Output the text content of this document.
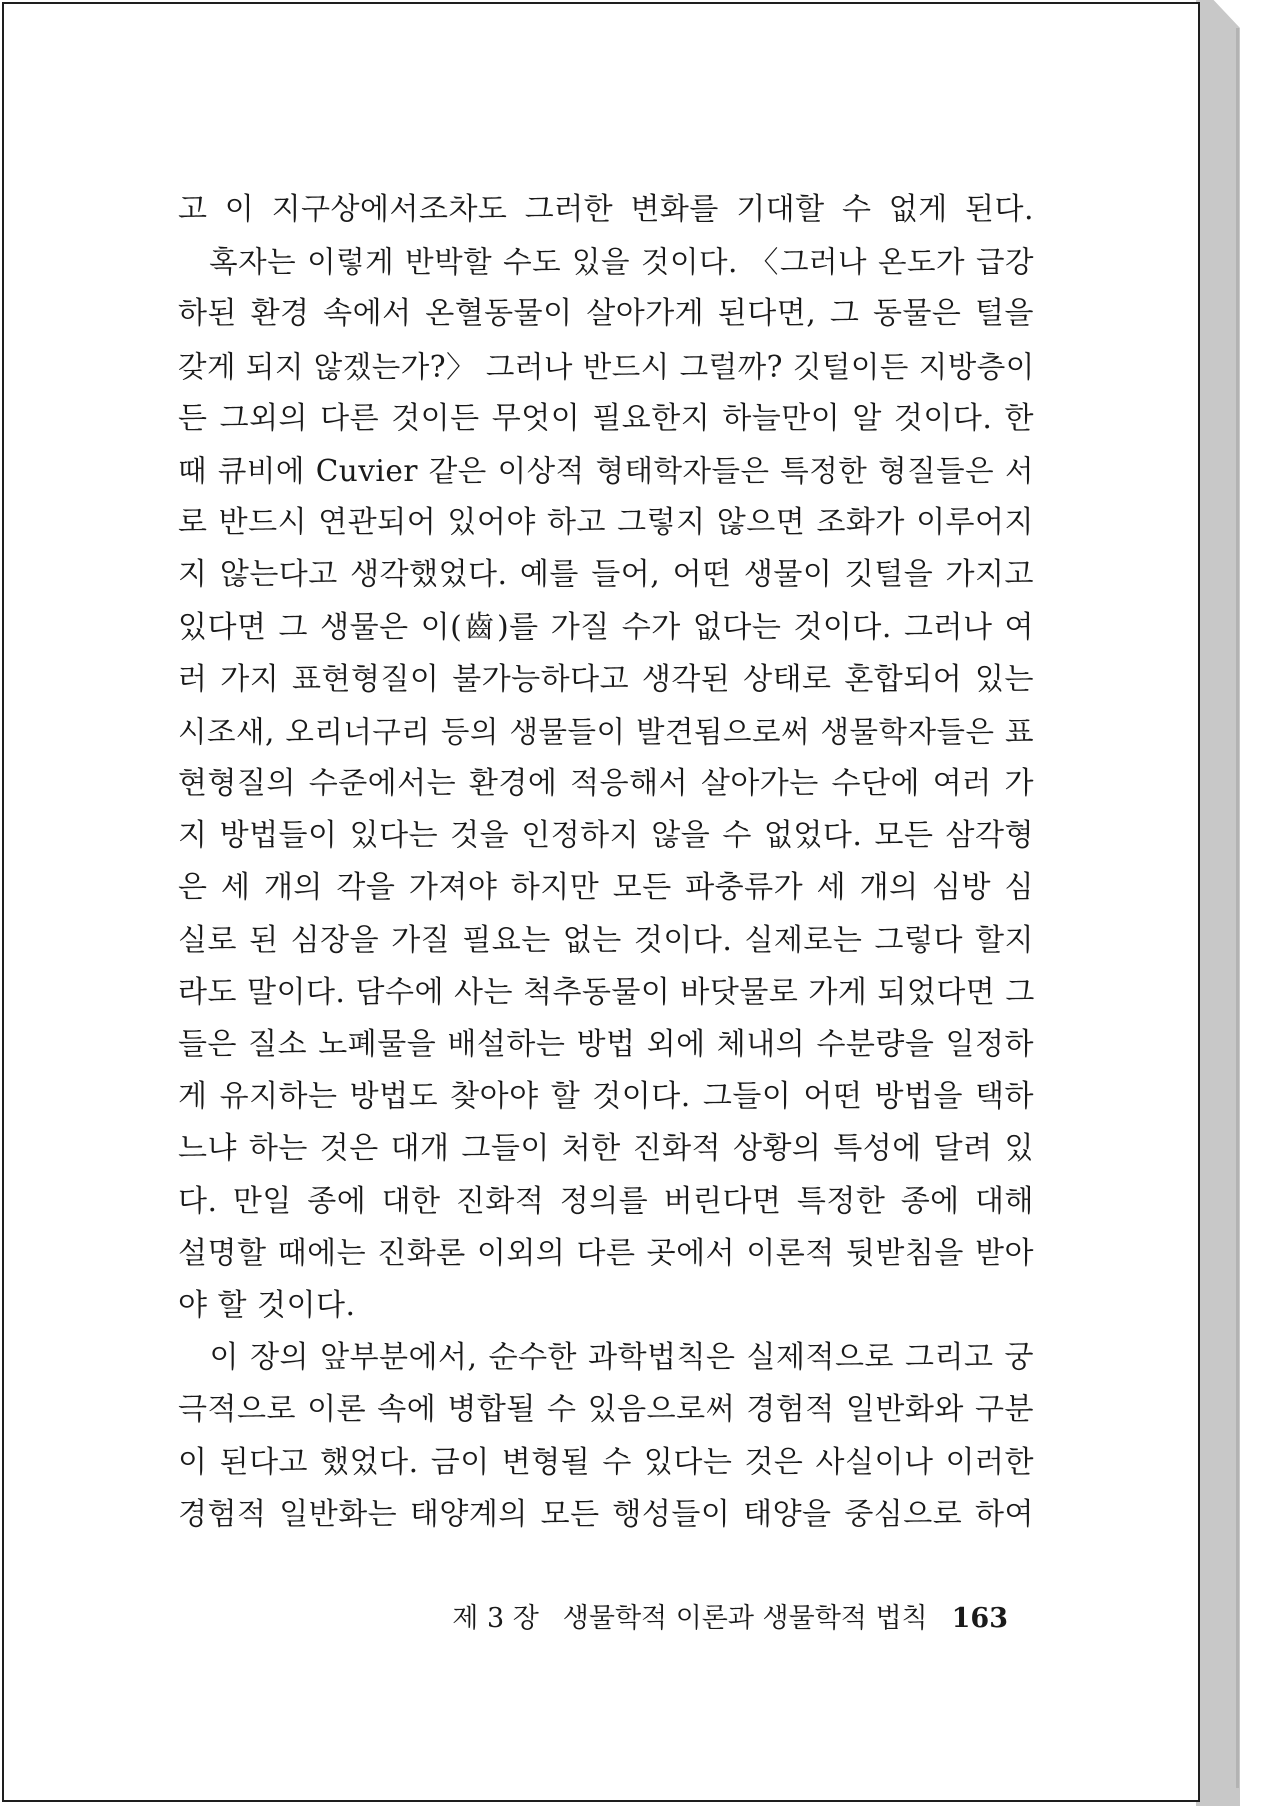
고 이 지구상에서조차도 그러한 변화를 기대할 수 없게 된다.
　혹자는 이렇게 반박할 수도 있을 것이다. 〈그러나 온도가 급강
하된 환경 속에서 온혈동물이 살아가게 된다면, 그 동물은 털을
갖게 되지 않겠는가?〉 그러나 반드시 그럴까? 깃털이든 지방층이
든 그외의 다른 것이든 무엇이 필요한지 하늘만이 알 것이다. 한
때 큐비에 Cuvier 같은 이상적 형태학자들은 특정한 형질들은 서
로 반드시 연관되어 있어야 하고 그렇지 않으면 조화가 이루어지
지 않는다고 생각했었다. 예를 들어, 어떤 생물이 깃털을 가지고
있다면 그 생물은 이(齒)를 가질 수가 없다는 것이다. 그러나 여
러 가지 표현형질이 불가능하다고 생각된 상태로 혼합되어 있는
시조새, 오리너구리 등의 생물들이 발견됨으로써 생물학자들은 표
현형질의 수준에서는 환경에 적응해서 살아가는 수단에 여러 가
지 방법들이 있다는 것을 인정하지 않을 수 없었다. 모든 삼각형
은 세 개의 각을 가져야 하지만 모든 파충류가 세 개의 심방 심
실로 된 심장을 가질 필요는 없는 것이다. 실제로는 그렇다 할지
라도 말이다. 담수에 사는 척추동물이 바닷물로 가게 되었다면 그
들은 질소 노폐물을 배설하는 방법 외에 체내의 수분량을 일정하
게 유지하는 방법도 찾아야 할 것이다. 그들이 어떤 방법을 택하
느냐 하는 것은 대개 그들이 처한 진화적 상황의 특성에 달려 있
다. 만일 종에 대한 진화적 정의를 버린다면 특정한 종에 대해
설명할 때에는 진화론 이외의 다른 곳에서 이론적 뒷받침을 받아
야 할 것이다.
　이 장의 앞부분에서, 순수한 과학법칙은 실제적으로 그리고 궁
극적으로 이론 속에 병합될 수 있음으로써 경험적 일반화와 구분
이 된다고 했었다. 금이 변형될 수 있다는 것은 사실이나 이러한
경험적 일반화는 태양계의 모든 행성들이 태양을 중심으로 하여
제 3 장 생물학적 이론과 생물학적 법칙 163
